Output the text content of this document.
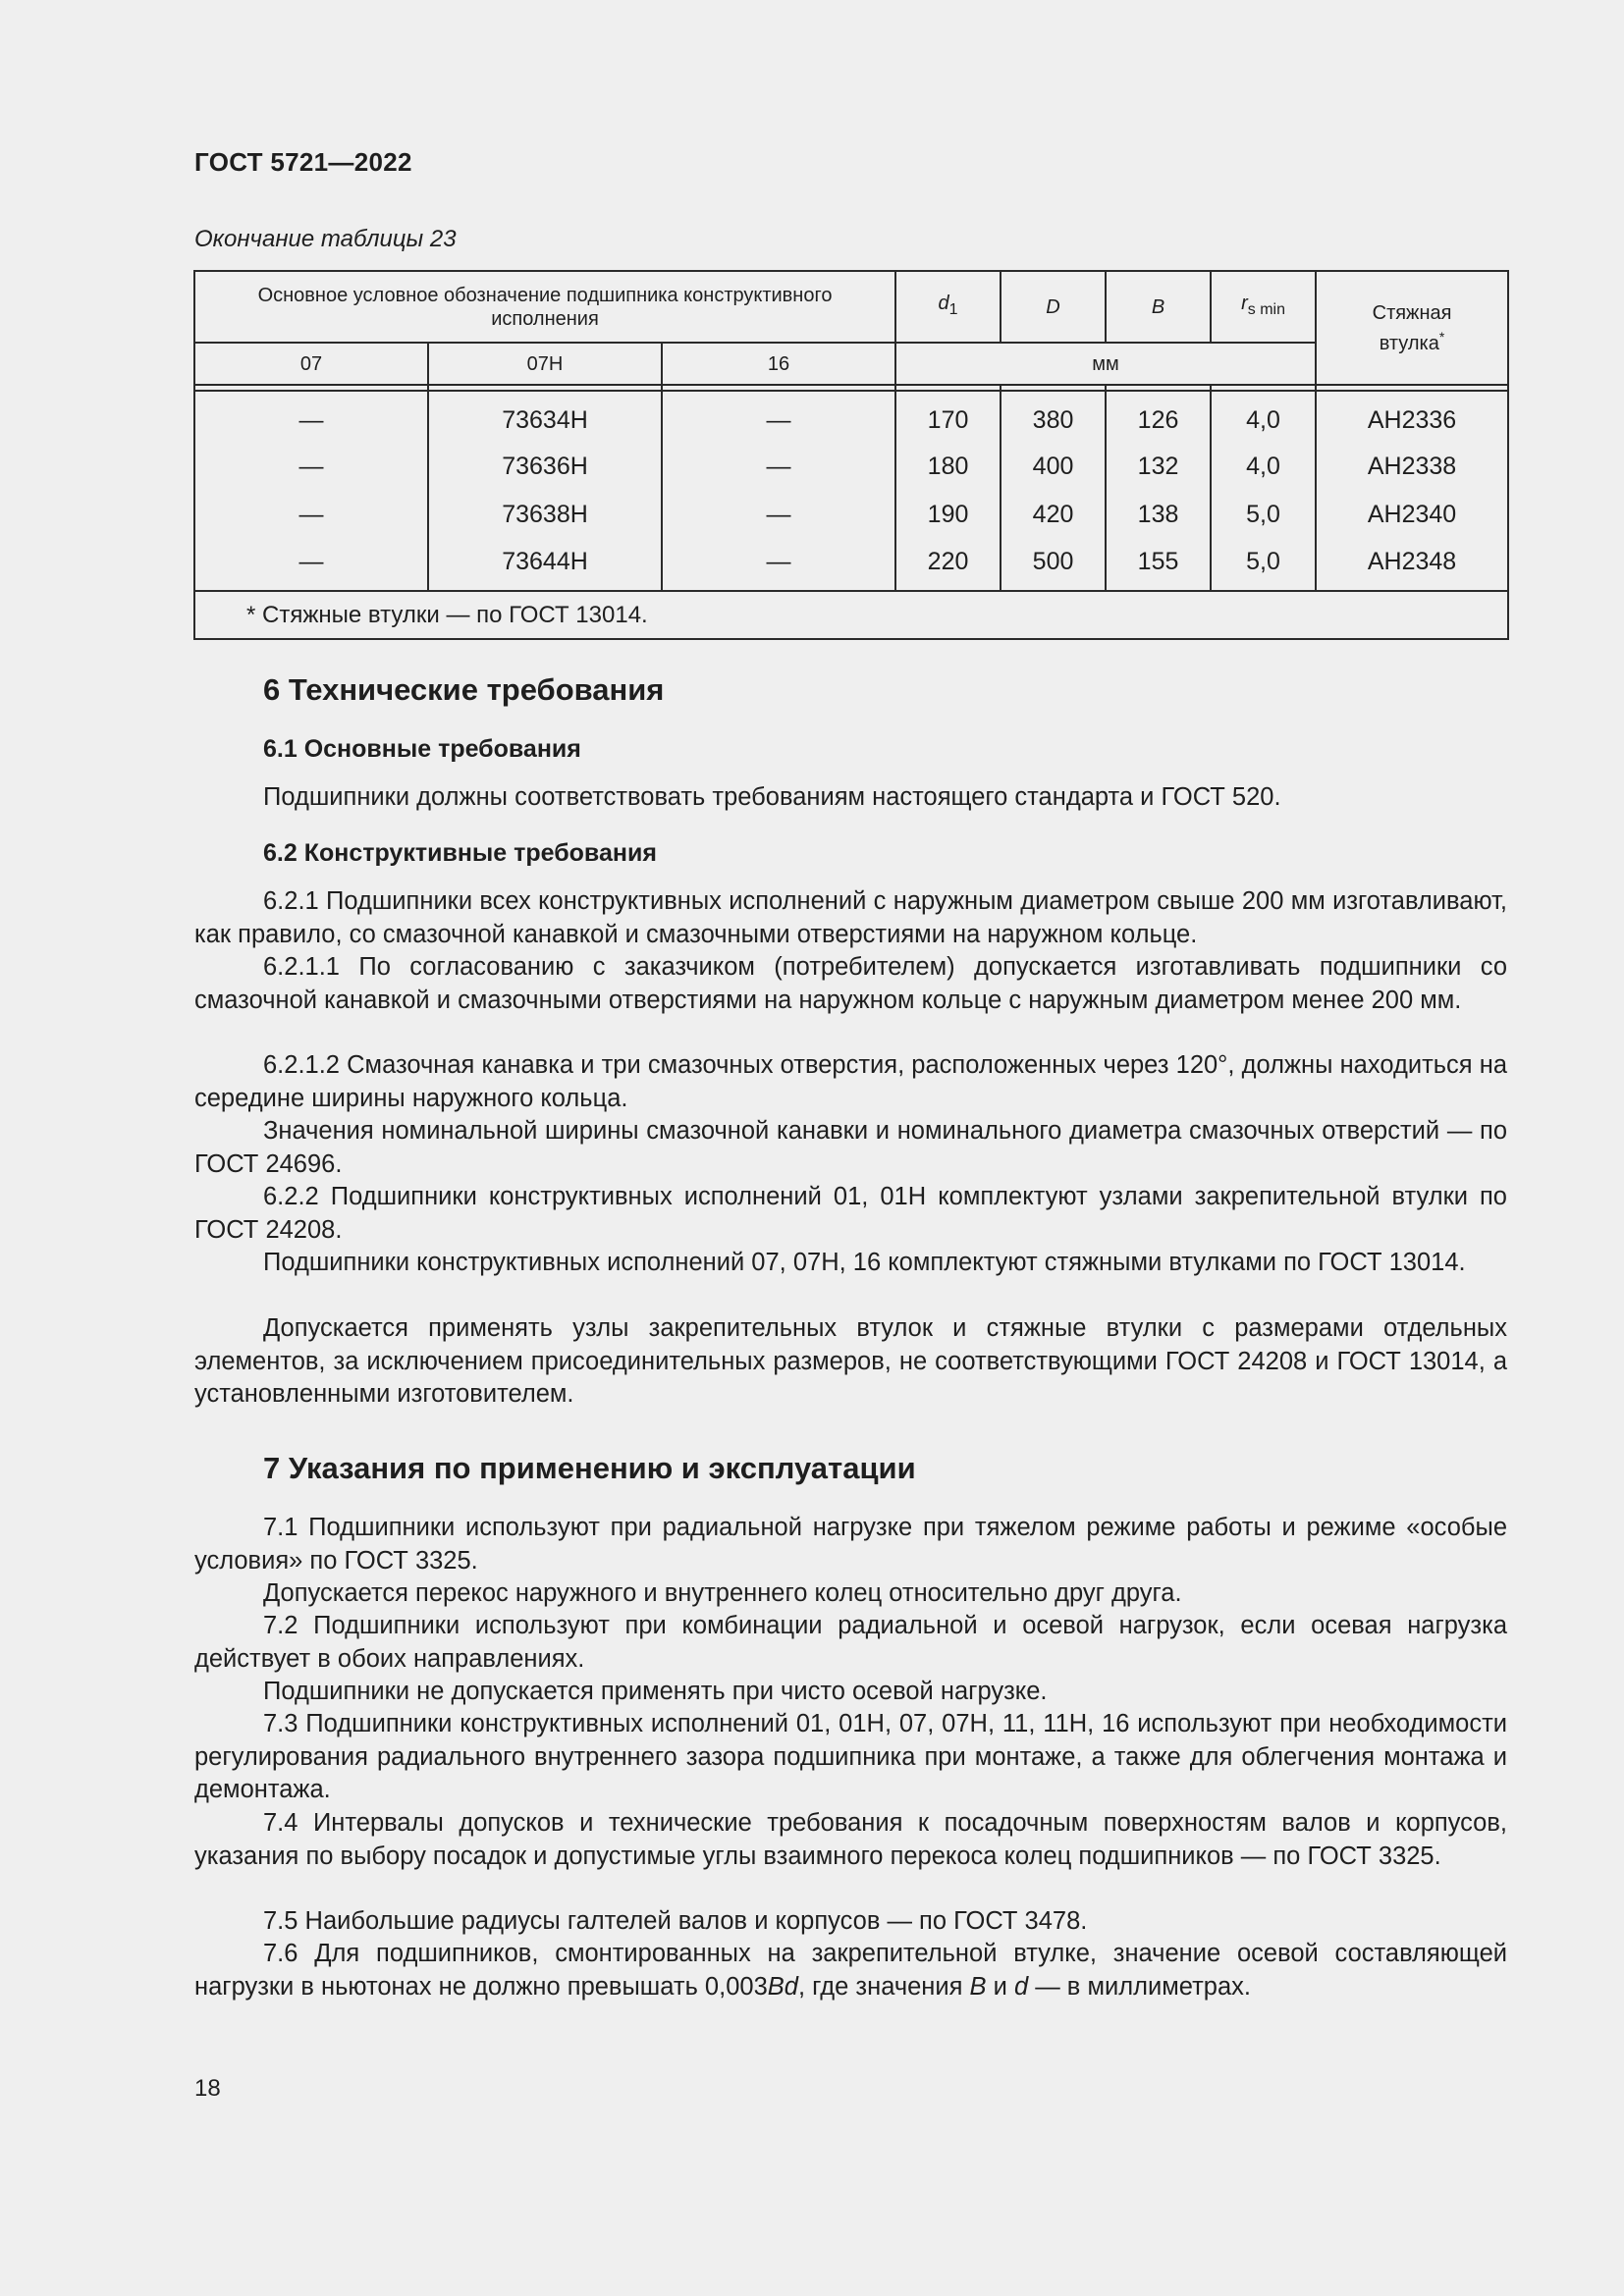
ГОСТ 5721—2022
Окончание таблицы 23
Основное условное обозначение подшипника конструктивного исполнения			$d_1$	D	B	$r_{s min}$	Стяжная втулка*
07	07Н	16	мм				

—	73634Н	—	170	380	126	4,0	АН2336
—	73636Н	—	180	400	132	4,0	АН2338
—	73638Н	—	190	420	138	5,0	АН2340
—	73644Н	—	220	500	155	5,0	АН2348
* Стяжные втулки — по ГОСТ 13014.							
6 Технические требования
6.1 Основные требования
Подшипники должны соответствовать требованиям настоящего стандарта и ГОСТ 520.
6.2 Конструктивные требования
6.2.1 Подшипники всех конструктивных исполнений с наружным диаметром свыше 200 мм изготавливают, как правило, со смазочной канавкой и смазочными отверстиями на наружном кольце.
6.2.1.1 По согласованию с заказчиком (потребителем) допускается изготавливать подшипники со смазочной канавкой и смазочными отверстиями на наружном кольце с наружным диаметром менее 200 мм.
6.2.1.2 Смазочная канавка и три смазочных отверстия, расположенных через 120°, должны находиться на середине ширины наружного кольца.
Значения номинальной ширины смазочной канавки и номинального диаметра смазочных отверстий — по ГОСТ 24696.
6.2.2 Подшипники конструктивных исполнений 01, 01Н комплектуют узлами закрепительной втулки по ГОСТ 24208.
Подшипники конструктивных исполнений 07, 07Н, 16 комплектуют стяжными втулками по ГОСТ 13014.
Допускается применять узлы закрепительных втулок и стяжные втулки с размерами отдельных элементов, за исключением присоединительных размеров, не соответствующими ГОСТ 24208 и ГОСТ 13014, а установленными изготовителем.
7 Указания по применению и эксплуатации
7.1 Подшипники используют при радиальной нагрузке при тяжелом режиме работы и режиме «особые условия» по ГОСТ 3325.
Допускается перекос наружного и внутреннего колец относительно друг друга.
7.2 Подшипники используют при комбинации радиальной и осевой нагрузок, если осевая нагрузка действует в обоих направлениях.
Подшипники не допускается применять при чисто осевой нагрузке.
7.3 Подшипники конструктивных исполнений 01, 01Н, 07, 07Н, 11, 11Н, 16 используют при необходимости регулирования радиального внутреннего зазора подшипника при монтаже, а также для облегчения монтажа и демонтажа.
7.4 Интервалы допусков и технические требования к посадочным поверхностям валов и корпусов, указания по выбору посадок и допустимые углы взаимного перекоса колец подшипников — по ГОСТ 3325.
7.5 Наибольшие радиусы галтелей валов и корпусов — по ГОСТ 3478.
7.6 Для подшипников, смонтированных на закрепительной втулке, значение осевой составляющей нагрузки в ньютонах не должно превышать 0,003Bd, где значения B и d — в миллиметрах.
18
